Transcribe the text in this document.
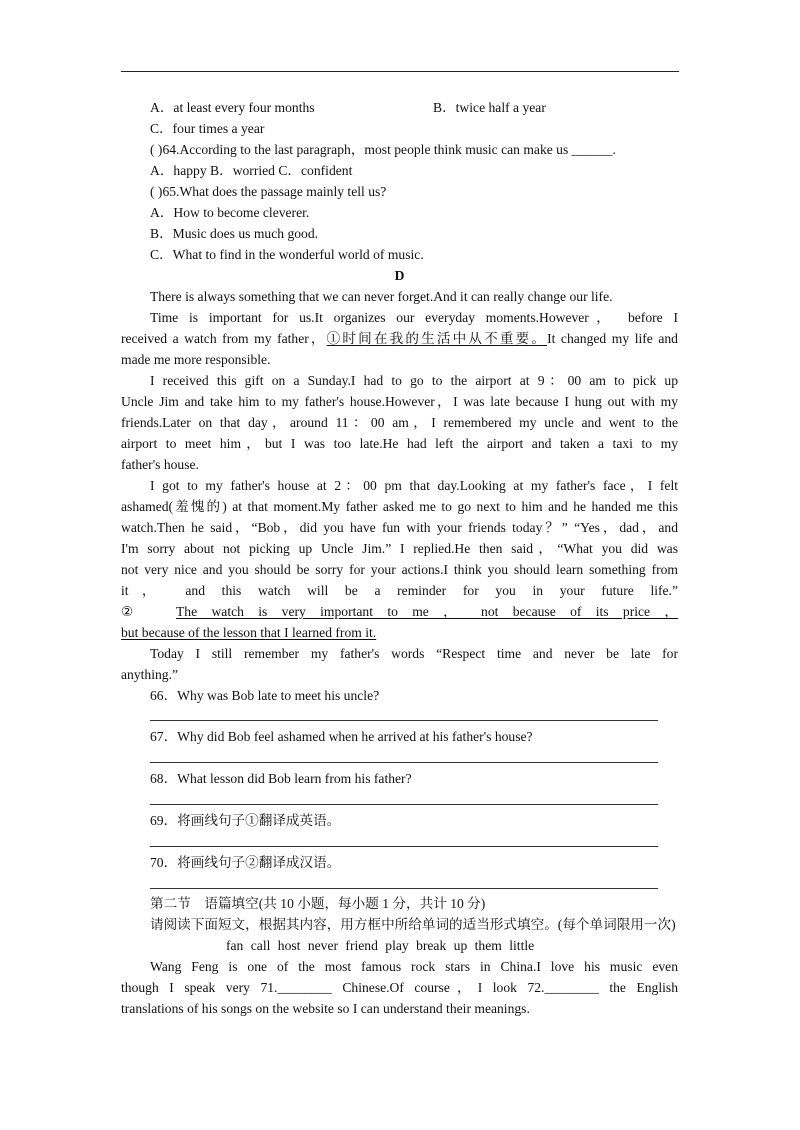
A．at least every four months	B．twice half a year
C．four times a year
( )64.According to the last paragraph，most people think music can make us ______.
A．happy B．worried C．confident
( )65.What does the passage mainly tell us?
A．How to become cleverer.
B．Music does us much good.
C．What to find in the wonderful world of music.
D
There is always something that we can never forget.And it can really change our life.
Time is important for us.It organizes our everyday moments.However， before I
received a watch from my father，①时间在我的生活中从不重要。It changed my life and
made me more responsible.
I received this gift on a Sunday.I had to go to the airport at 9：00 am to pick up
Uncle Jim and take him to my father's house.However，I was late because I hung out with my
friends.Later on that day，around 11：00 am，I remembered my uncle and went to the
airport to meet him，but I was too late.He had left the airport and taken a taxi to my
father's house.
I got to my father's house at 2：00 pm that day.Looking at my father's face，I felt
ashamed(羞愧的) at that moment.My father asked me to go next to him and he handed me this
watch.Then he said，“Bob，did you have fun with your friends today？” “Yes，dad，and
I'm sorry about not picking up Uncle Jim.” I replied.He then said，“What you did was
not very nice and you should be sorry for your actions.I think you should learn something from
it， and this watch will be a reminder for you in your future life.”
②	The watch is very important to me ， not because of its price ，
but because of the lesson that I learned from it.
Today I still remember my father's words “Respect time and never be late for
anything.”
66．Why was Bob late to meet his uncle?
67．Why did Bob feel ashamed when he arrived at his father's house?
68．What lesson did Bob learn from his father?
69．将画线句子①翻译成英语。
70．将画线句子②翻译成汉语。
第二节　语篇填空(共 10 小题，每小题 1 分，共计 10 分)
请阅读下面短文，根据其内容，用方框中所给单词的适当形式填空。(每个单词限用一次)
fan call host never friend play break up them little
Wang Feng is one of the most famous rock stars in China.I love his music even
though I speak very 71.________ Chinese.Of course，I look 72.________ the English
translations of his songs on the website so I can understand their meanings.
